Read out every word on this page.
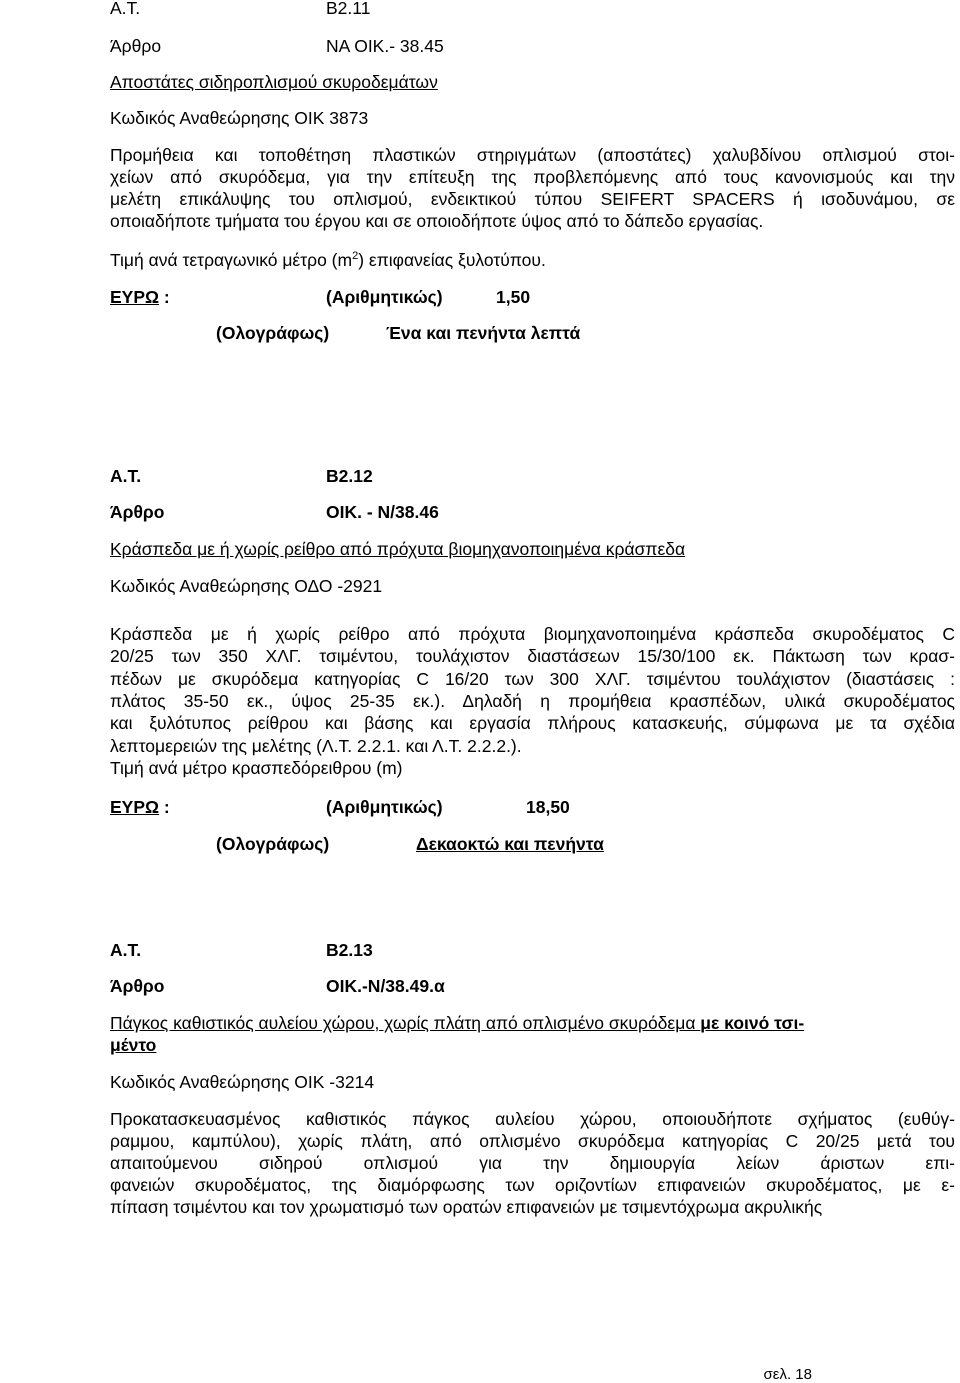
Α.Τ.	Β2.11
Άρθρο	ΝΑ ΟΙΚ.- 38.45
Αποστάτες σιδηροπλισμού σκυροδεμάτων
Κωδικός Αναθεώρησης ΟΙΚ 3873
Προμήθεια και τοποθέτηση πλαστικών στηριγμάτων (αποστάτες) χαλυβδίνου οπλισμού στοι-
χείων από σκυρόδεμα, για την επίτευξη της προβλεπόμενης από τους κανονισμούς και την
μελέτη επικάλυψης του οπλισμού, ενδεικτικού τύπου SEIFERT SPACERS ή ισοδυνάμου, σε
οποιαδήποτε τμήματα του έργου και σε οποιοδήποτε ύψος από το δάπεδο εργασίας.
Τιμή ανά τετραγωνικό μέτρο $(m^2)$ επιφανείας ξυλοτύπου.
ΕΥΡΩ :	(Αριθμητικώς)	1,50
(Ολογράφως)	Ένα και πενήντα λεπτά
Α.Τ.	Β2.12
Άρθρο	ΟΙΚ. - Ν/38.46
Κράσπεδα με ή χωρίς ρείθρο από πρόχυτα βιομηχανοποιημένα κράσπεδα
Κωδικός Αναθεώρησης ΟΔΟ -2921
Κράσπεδα με ή χωρίς ρείθρο από πρόχυτα βιομηχανοποιημένα κράσπεδα σκυροδέματος C
20/25 των 350 ΧΛΓ. τσιμέντου, τουλάχιστον διαστάσεων 15/30/100 εκ. Πάκτωση των κρασ-
πέδων με σκυρόδεμα κατηγορίας C 16/20 των 300 ΧΛΓ. τσιμέντου τουλάχιστον (διαστάσεις :
πλάτος 35-50 εκ., ύψος 25-35 εκ.). Δηλαδή η προμήθεια κρασπέδων, υλικά σκυροδέματος
και ξυλότυπος ρείθρου και βάσης και εργασία πλήρους κατασκευής, σύμφωνα με τα σχέδια
λεπτομερειών της μελέτης (Λ.Τ. 2.2.1. και Λ.Τ. 2.2.2.).
Τιμή ανά μέτρο κρασπεδόρειθρου (m)
ΕΥΡΩ :	(Αριθμητικώς)	18,50
(Ολογράφως)	Δεκαοκτώ και πενήντα
Α.Τ.	Β2.13
Άρθρο	ΟΙΚ.-Ν/38.49.α
Πάγκος καθιστικός αυλείου χώρου, χωρίς πλάτη από οπλισμένο σκυρόδεμα με κοινό τσι-
μέντο
Κωδικός Αναθεώρησης ΟΙΚ -3214
Προκατασκευασμένος καθιστικός πάγκος αυλείου χώρου, οποιουδήποτε σχήματος (ευθύγ-
ραμμου, καμπύλου), χωρίς πλάτη, από οπλισμένο σκυρόδεμα κατηγορίας C 20/25 μετά του
απαιτούμενου σιδηρού οπλισμού για την δημιουργία λείων άριστων επι-
φανειών σκυροδέματος, της διαμόρφωσης των οριζοντίων επιφανειών σκυροδέματος, με ε-
πίπαση τσιμέντου και τον χρωματισμό των ορατών επιφανειών με τσιμεντόχρωμα ακρυλικής
σελ. 18
